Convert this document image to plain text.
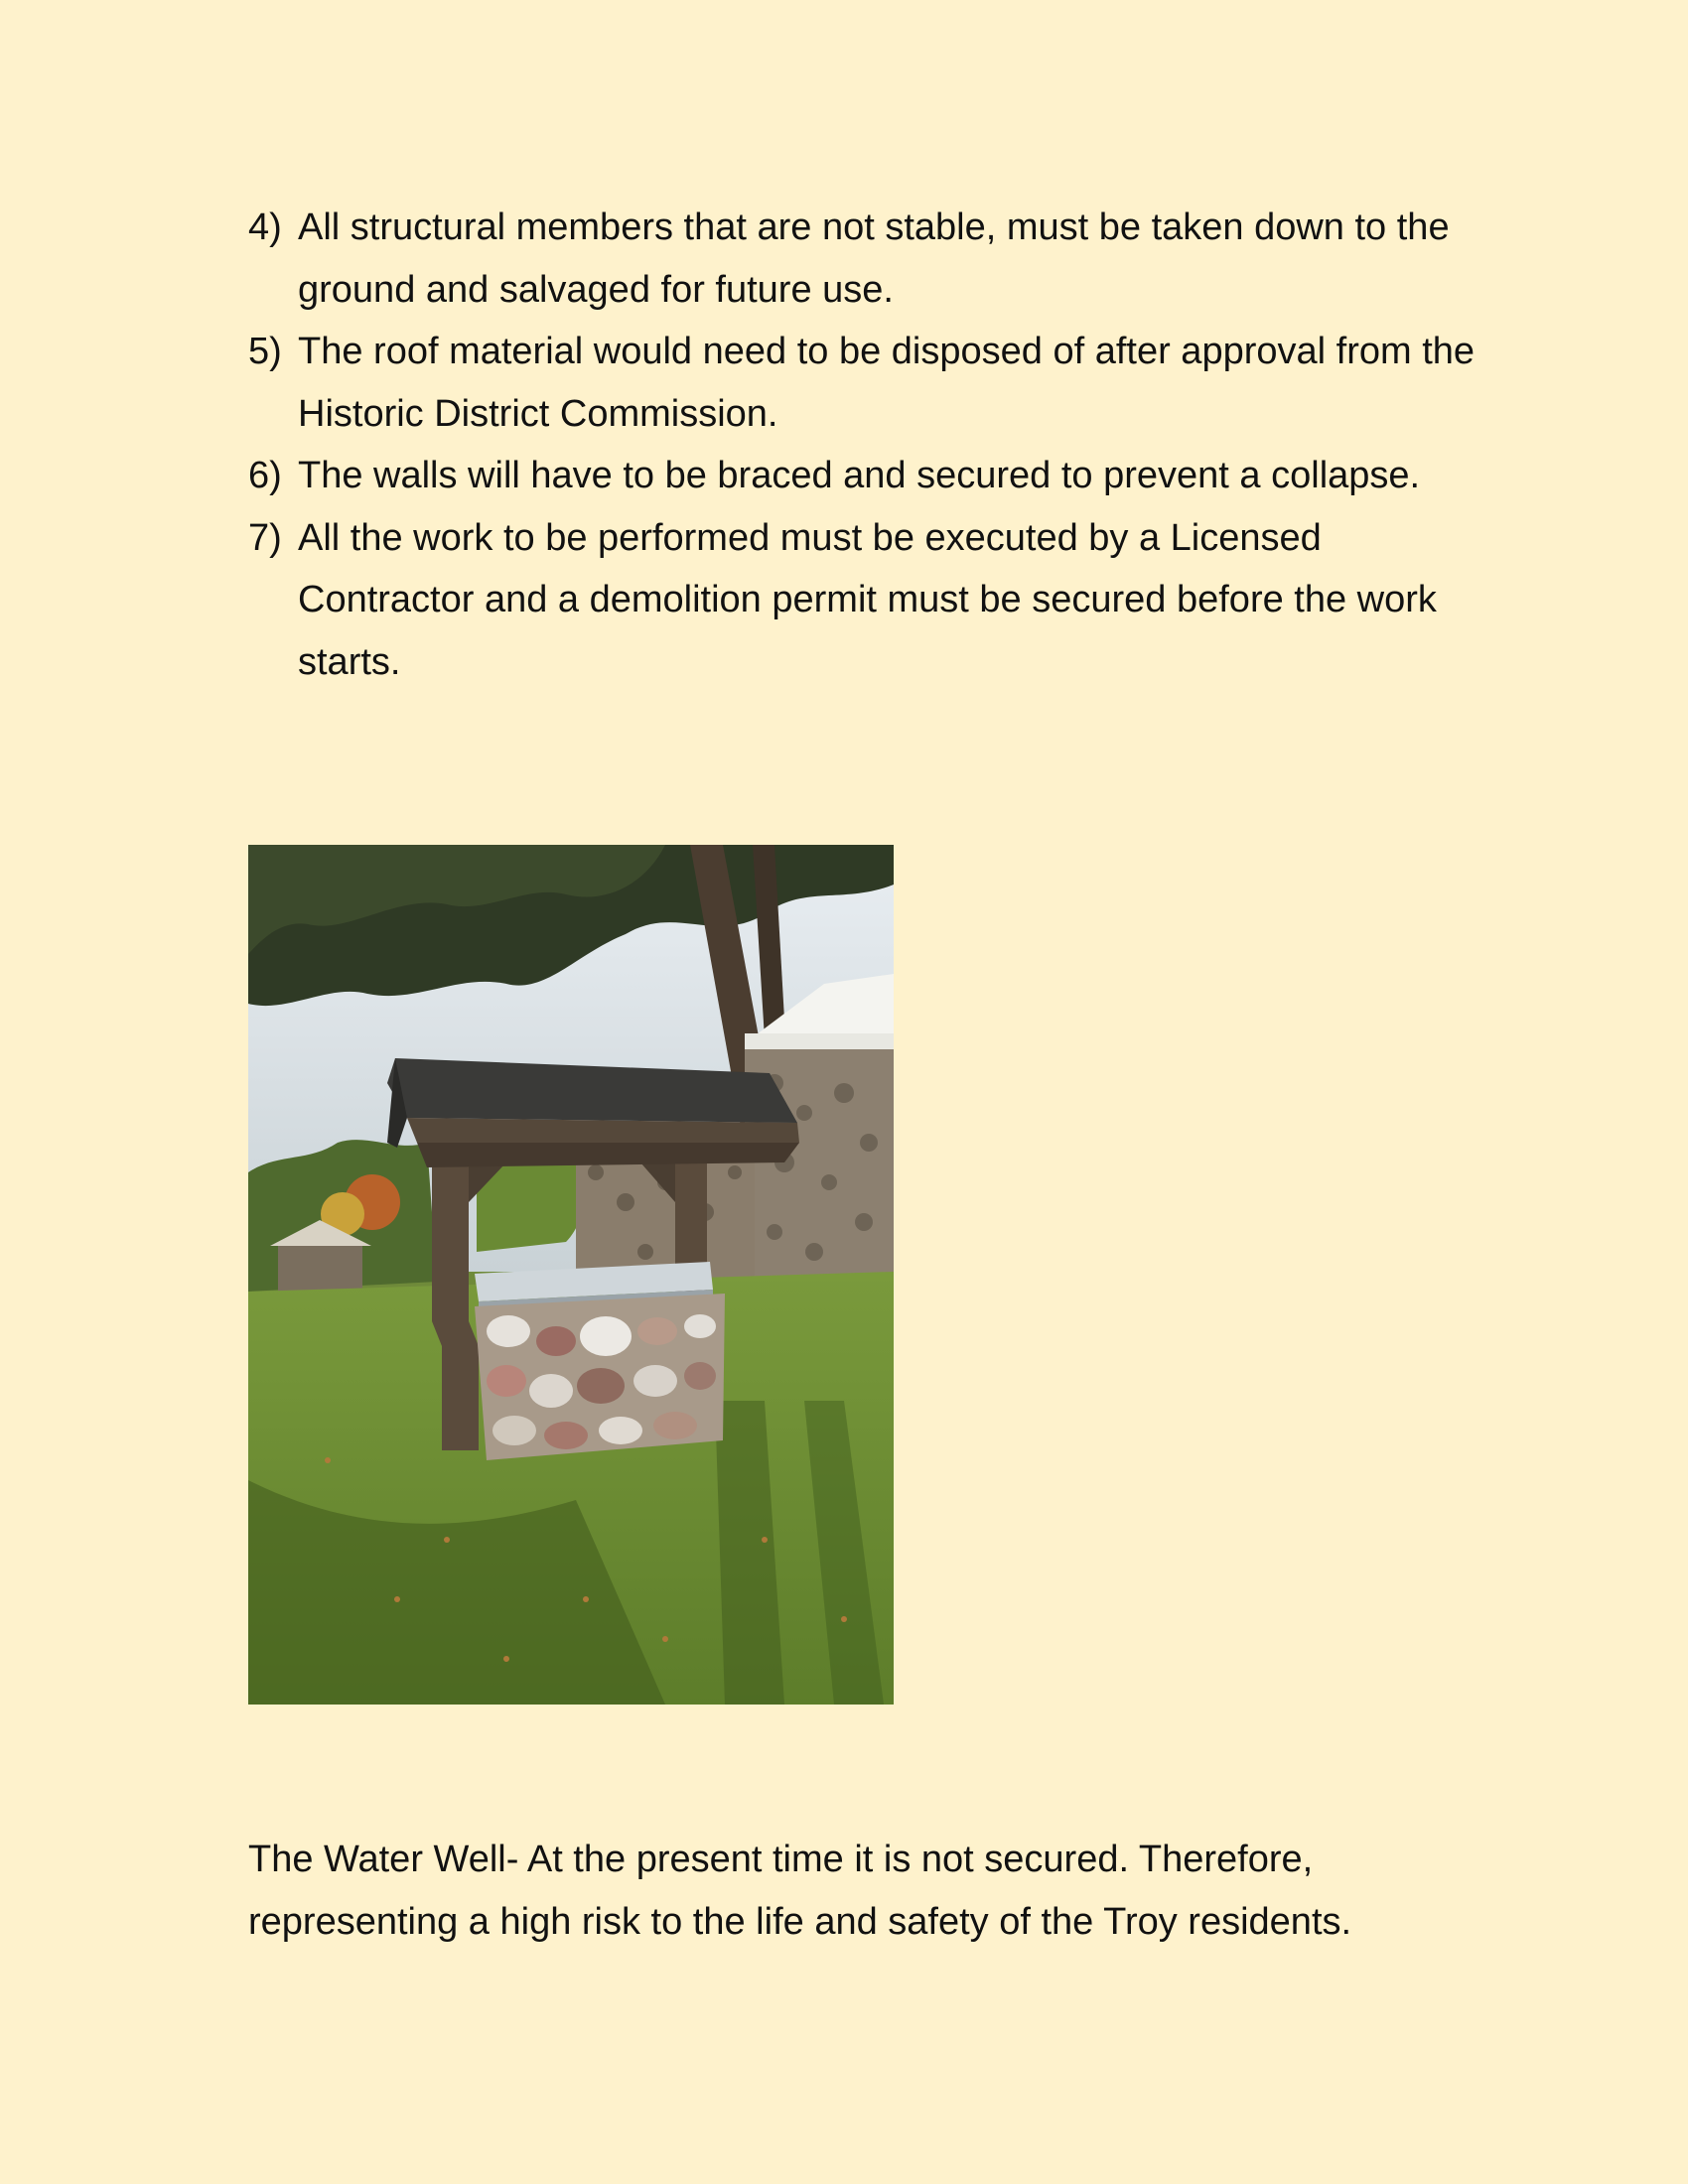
4) All structural members that are not stable, must be taken down to the ground and salvaged for future use.
5) The roof material would need to be disposed of after approval from the Historic District Commission.
6) The walls will have to be braced and secured to prevent a collapse.
7) All the work to be performed must be executed by a Licensed Contractor and a demolition permit must be secured before the work starts.

The Water Well- At the present time it is not secured. Therefore, representing a high risk to the life and safety of the Troy residents.
